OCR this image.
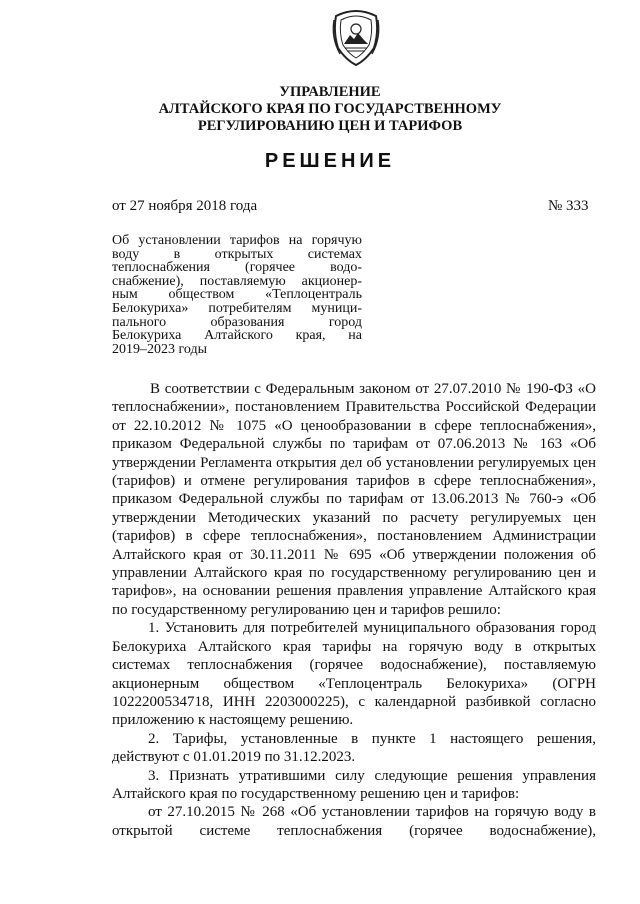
УПРАВЛЕНИЕ
АЛТАЙСКОГО КРАЯ ПО ГОСУДАРСТВЕННОМУ
РЕГУЛИРОВАНИЮ ЦЕН И ТАРИФОВ
РЕШЕНИЕ
от 27 ноября 2018 года	№ 333
Об установлении тарифов на горячую
воду в открытых системах
теплоснабжения (горячее водо-
снабжение), поставляемую акционер-
ным обществом «Теплоцентраль
Белокуриха» потребителям муници-
пального образования город
Белокуриха Алтайского края, на
2019–2023 годы
В соответствии с Федеральным законом от 27.07.2010 № 190-ФЗ «О
теплоснабжении», постановлением Правительства Российской Федерации
от 22.10.2012 № 1075 «О ценообразовании в сфере теплоснабжения»,
приказом Федеральной службы по тарифам от 07.06.2013 № 163 «Об
утверждении Регламента открытия дел об установлении регулируемых цен
(тарифов) и отмене регулирования тарифов в сфере теплоснабжения»,
приказом Федеральной службы по тарифам от 13.06.2013 № 760-э «Об
утверждении Методических указаний по расчету регулируемых цен
(тарифов) в сфере теплоснабжения», постановлением Администрации
Алтайского края от 30.11.2011 № 695 «Об утверждении положения об
управлении Алтайского края по государственному регулированию цен и
тарифов», на основании решения правления управление Алтайского края
по государственному регулированию цен и тарифов решило:
1. Установить для потребителей муниципального образования город
Белокуриха Алтайского края тарифы на горячую воду в открытых
системах теплоснабжения (горячее водоснабжение), поставляемую
акционерным обществом «Теплоцентраль Белокуриха» (ОГРН
1022200534718, ИНН 2203000225), с календарной разбивкой согласно
приложению к настоящему решению.
2. Тарифы, установленные в пункте 1 настоящего решения,
действуют с 01.01.2019 по 31.12.2023.
3. Признать утратившими силу следующие решения управления
Алтайского края по государственному решению цен и тарифов:
от 27.10.2015 № 268 «Об установлении тарифов на горячую воду в
открытой системе теплоснабжения (горячее водоснабжение),
